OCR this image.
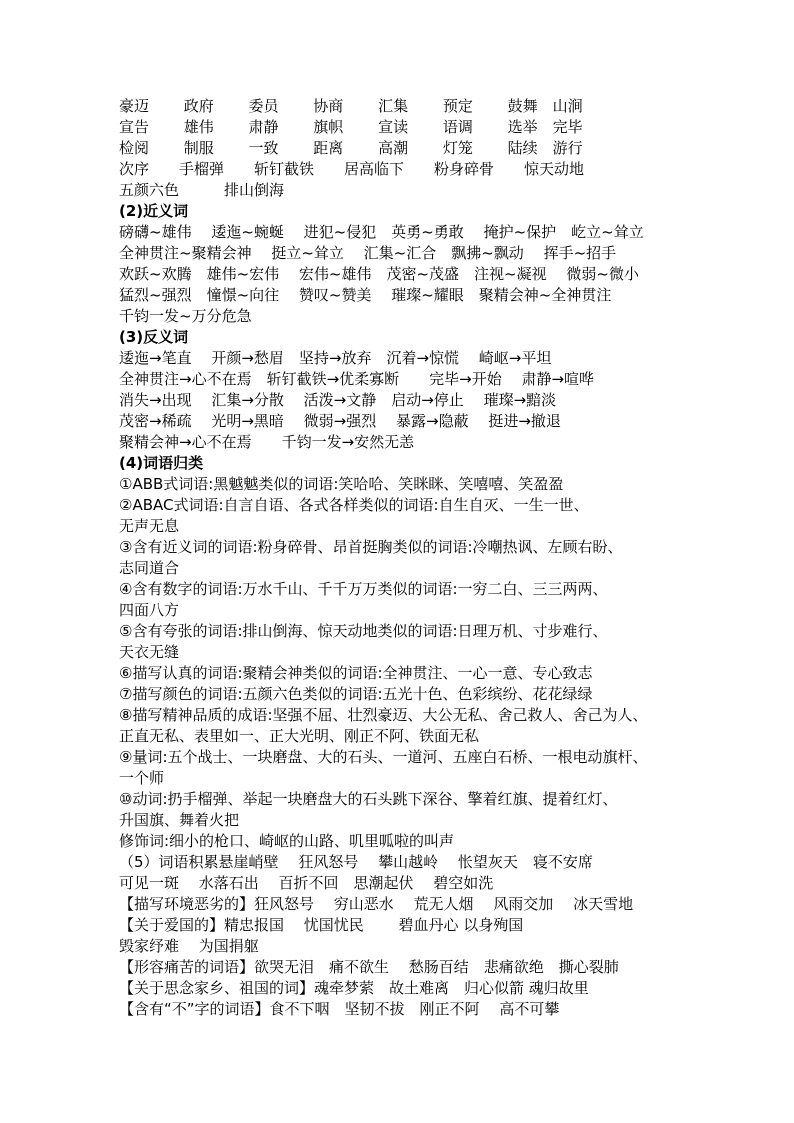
豪迈　　 政府　　 委员　　 协商　　 汇集　　 预定　　 鼓舞　山涧
宣告　　 雄伟　　 肃静　　 旗帜　　 宣读　　 语调　　 选举　完毕
检阅　　 制服　　 一致　　 距离　　 高潮　　 灯笼　　 陆续　游行
次序　　手榴弹　　斩钉截铁　　居高临下　　粉身碎骨　　惊天动地
五颜六色　　　排山倒海
(2)近义词
磅礴~雄伟　 逶迤~蜿蜒　 进犯~侵犯　英勇~勇敢　 掩护~保护　屹立~耸立
全神贯注~聚精会神　 挺立~耸立　 汇集~汇合　飘拂~飘动　 挥手~招手
欢跃~欢腾　雄伟~宏伟　 宏伟~雄伟　茂密~茂盛　注视~凝视　 微弱~微小
猛烈~强烈　憧憬~向往　 赞叹~赞美　 璀璨~耀眼　聚精会神~全神贯注
千钧一发~万分危急
(3)反义词
逶迤→笔直　 开颜→愁眉　坚持→放弃　沉着→惊慌　 崎岖→平坦
全神贯注→心不在焉　斩钉截铁→优柔寡断　　完毕→开始　 肃静→喧哗
消失→出现　 汇集→分散　 活泼→文静　启动→停止　 璀璨→黯淡
茂密→稀疏　 光明→黑暗　 微弱→强烈　 暴露→隐蔽　 挺进→撤退
聚精会神→心不在焉　　千钧一发→安然无恙
(4)词语归类
①ABB式词语:黑魆魆类似的词语:笑哈哈、笑眯眯、笑嘻嘻、笑盈盈
②ABAC式词语:自言自语、各式各样类似的词语:自生自灭、一生一世、
无声无息
③含有近义词的词语:粉身碎骨、昂首挺胸类似的词语:冷嘲热讽、左顾右盼、
志同道合
④含有数字的词语:万水千山、千千万万类似的词语:一穷二白、三三两两、
四面八方
⑤含有夸张的词语:排山倒海、惊天动地类似的词语:日理万机、寸步难行、
天衣无缝
⑥描写认真的词语:聚精会神类似的词语:全神贯注、一心一意、专心致志
⑦描写颜色的词语:五颜六色类似的词语:五光十色、色彩缤纷、花花绿绿
⑧描写精神品质的成语:坚强不屈、壮烈豪迈、大公无私、舍己救人、舍己为人、
正直无私、表里如一、正大光明、刚正不阿、铁面无私
⑨量词:五个战士、一块磨盘、大的石头、一道河、五座白石桥、一根电动旗杆、
一个师
⑩动词:扔手榴弹、举起一块磨盘大的石头跳下深谷、擎着红旗、提着红灯、
升国旗、舞着火把
修饰词:细小的枪口、崎岖的山路、叽里呱啦的叫声
（5）词语积累悬崖峭壁　 狂风怒号　 攀山越岭　 怅望灰天　寝不安席
可见一斑　 水落石出　 百折不回　思潮起伏　 碧空如洗
【描写环境恶劣的】狂风怒号　 穷山恶水　 荒无人烟　 风雨交加　 冰天雪地
【关于爱国的】精忠报国　 忧国忧民　　 碧血丹心 以身殉国
毁家纾难　 为国捐躯
【形容痛苦的词语】欲哭无泪　痛不欲生　 愁肠百结　悲痛欲绝　撕心裂肺
【关于思念家乡、祖国的词】魂牵梦萦　故土难离　归心似箭 魂归故里
【含有“不”字的词语】食不下咽　坚韧不拔　刚正不阿　 高不可攀
